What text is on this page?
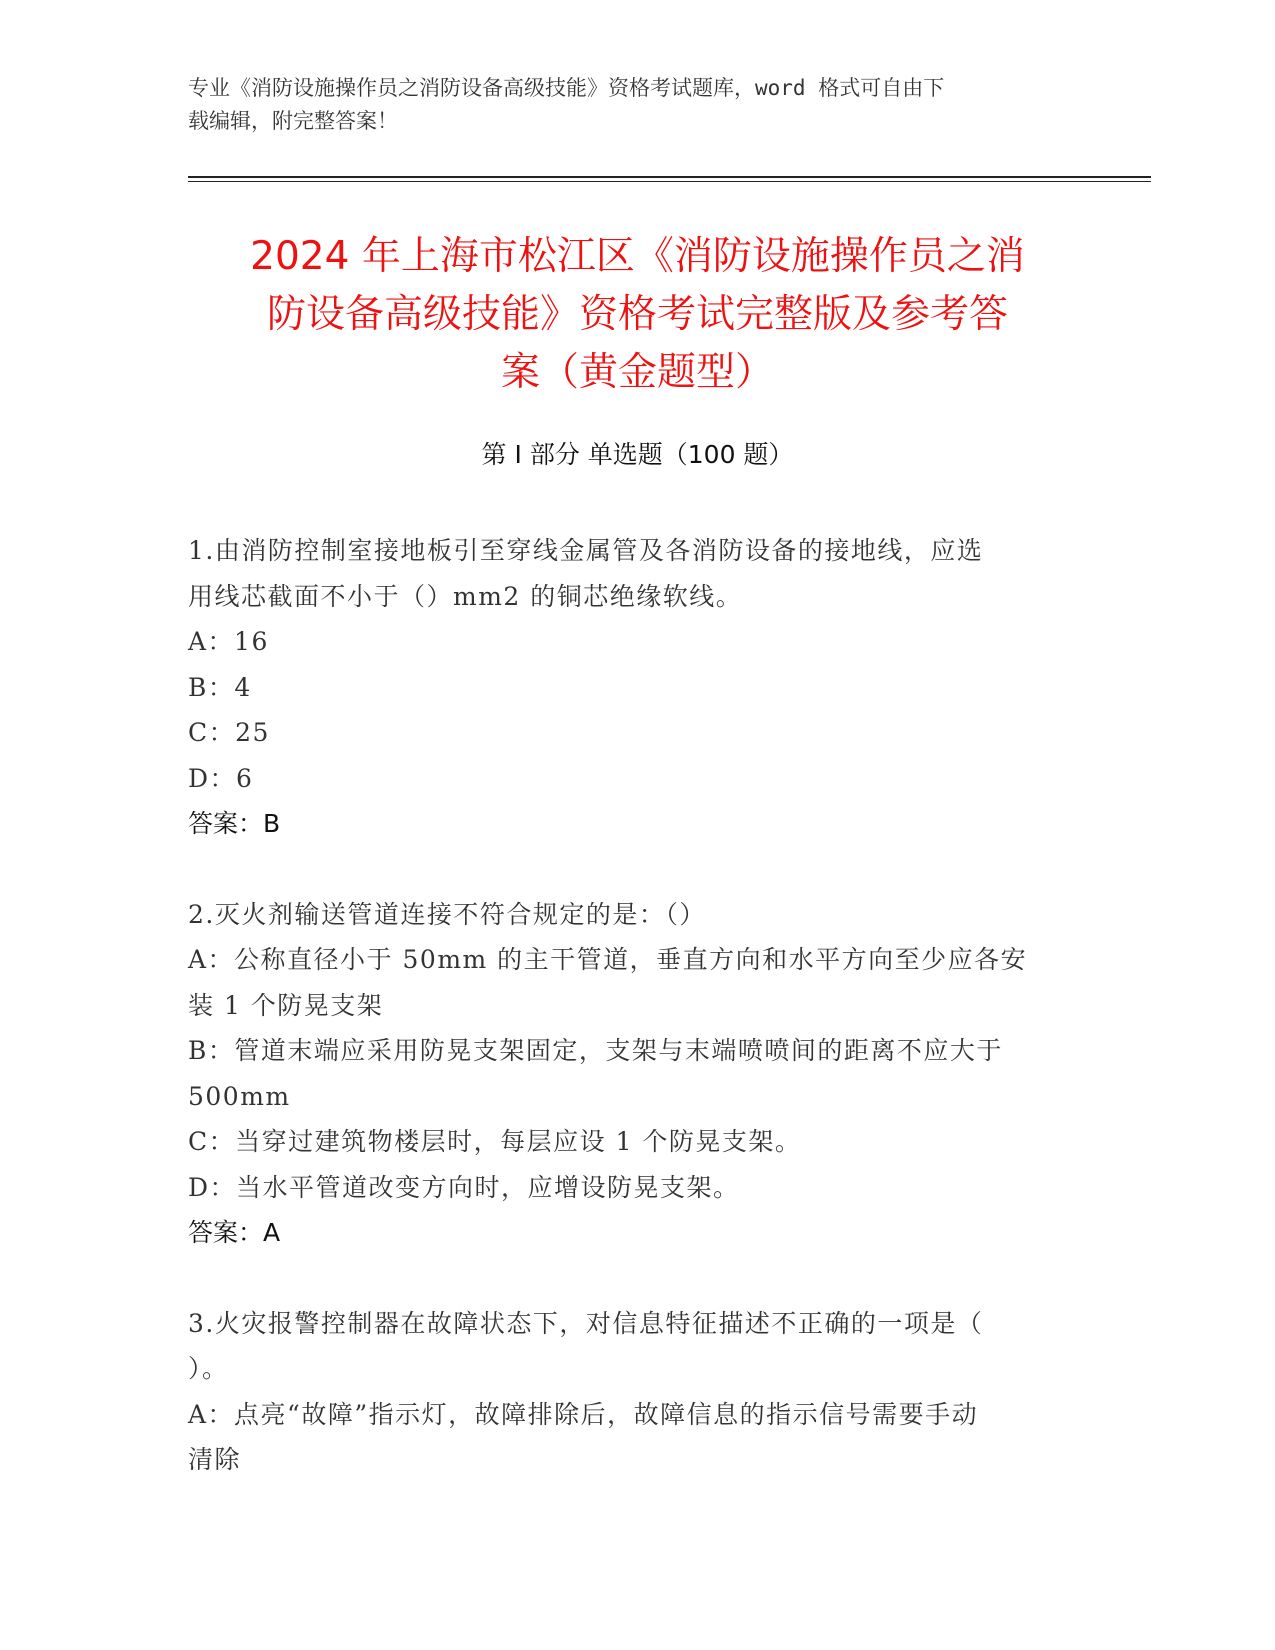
专业《消防设施操作员之消防设备高级技能》资格考试题库，word 格式可自由下
载编辑，附完整答案！
2024 年上海市松江区《消防设施操作员之消
防设备高级技能》资格考试完整版及参考答
案（黄金题型）
第 I 部分 单选题（100 题）
1.由消防控制室接地板引至穿线金属管及各消防设备的接地线，应选
用线芯截面不小于（）mm2 的铜芯绝缘软线。
A：16
B：4
C：25
D：6
答案：B
2.灭火剂输送管道连接不符合规定的是：（）
A：公称直径小于 50mm 的主干管道，垂直方向和水平方向至少应各安
装 1 个防晃支架
B：管道末端应采用防晃支架固定，支架与末端喷喷间的距离不应大于
500mm
C：当穿过建筑物楼层时，每层应设 1 个防晃支架。
D：当水平管道改变方向时，应增设防晃支架。
答案：A
3.火灾报警控制器在故障状态下，对信息特征描述不正确的一项是（
）。
A：点亮“故障”指示灯，故障排除后，故障信息的指示信号需要手动
清除
